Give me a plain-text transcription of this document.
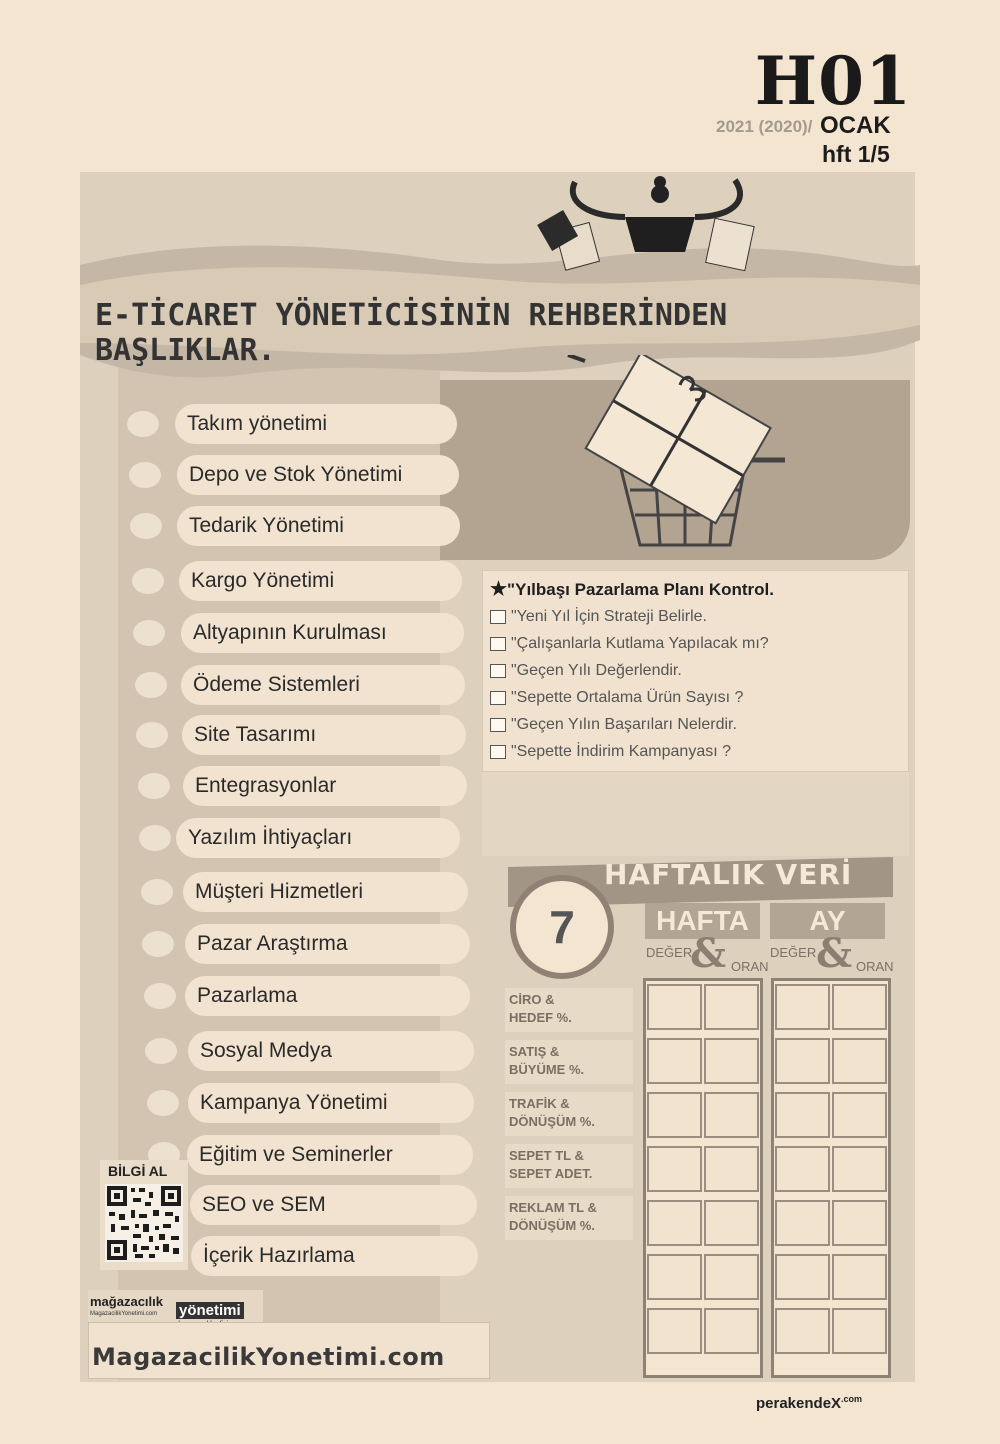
H01
2021 (2020)/ OCAK
hft 1/5
E-TİCARET YÖNETİCİSİNİN REHBERİNDEN BAŞLIKLAR.
Takım yönetimi
Depo ve Stok Yönetimi
Tedarik Yönetimi
Kargo Yönetimi
Altyapının Kurulması
Ödeme Sistemleri
Site Tasarımı
Entegrasyonlar
Yazılım İhtiyaçları
Müşteri Hizmetleri
Pazar Araştırma
Pazarlama
Sosyal Medya
Kampanya Yönetimi
Eğitim ve Seminerler
SEO ve SEM
İçerik Hazırlama
★"Yılbaşı Pazarlama Planı Kontrol.
"Yeni Yıl İçin Strateji Belirle.
"Çalışanlarla Kutlama Yapılacak mı?
"Geçen Yılı Değerlendir.
"Sepette Ortalama Ürün Sayısı ?
"Geçen Yılın Başarıları Nelerdir.
"Sepette İndirim Kampanyası ?
HAFTALIK VERİ
7	HAFTA	AY
DEĞER
& ORAN
DEĞER & ORAN
CİRO &
HEDEF %.
SATIŞ &
BÜYÜME %.
TRAFİK &
DÖNÜŞÜM %.
SEPET TL &
SEPET ADET.
REKLAM TL &
DÖNÜŞÜM %.
BİLGİ AL
mağazacılık
MagazacilikYonetimi.com yönetimi
MagazacilikYonetimi.com
perakendeX$^{.com}$
